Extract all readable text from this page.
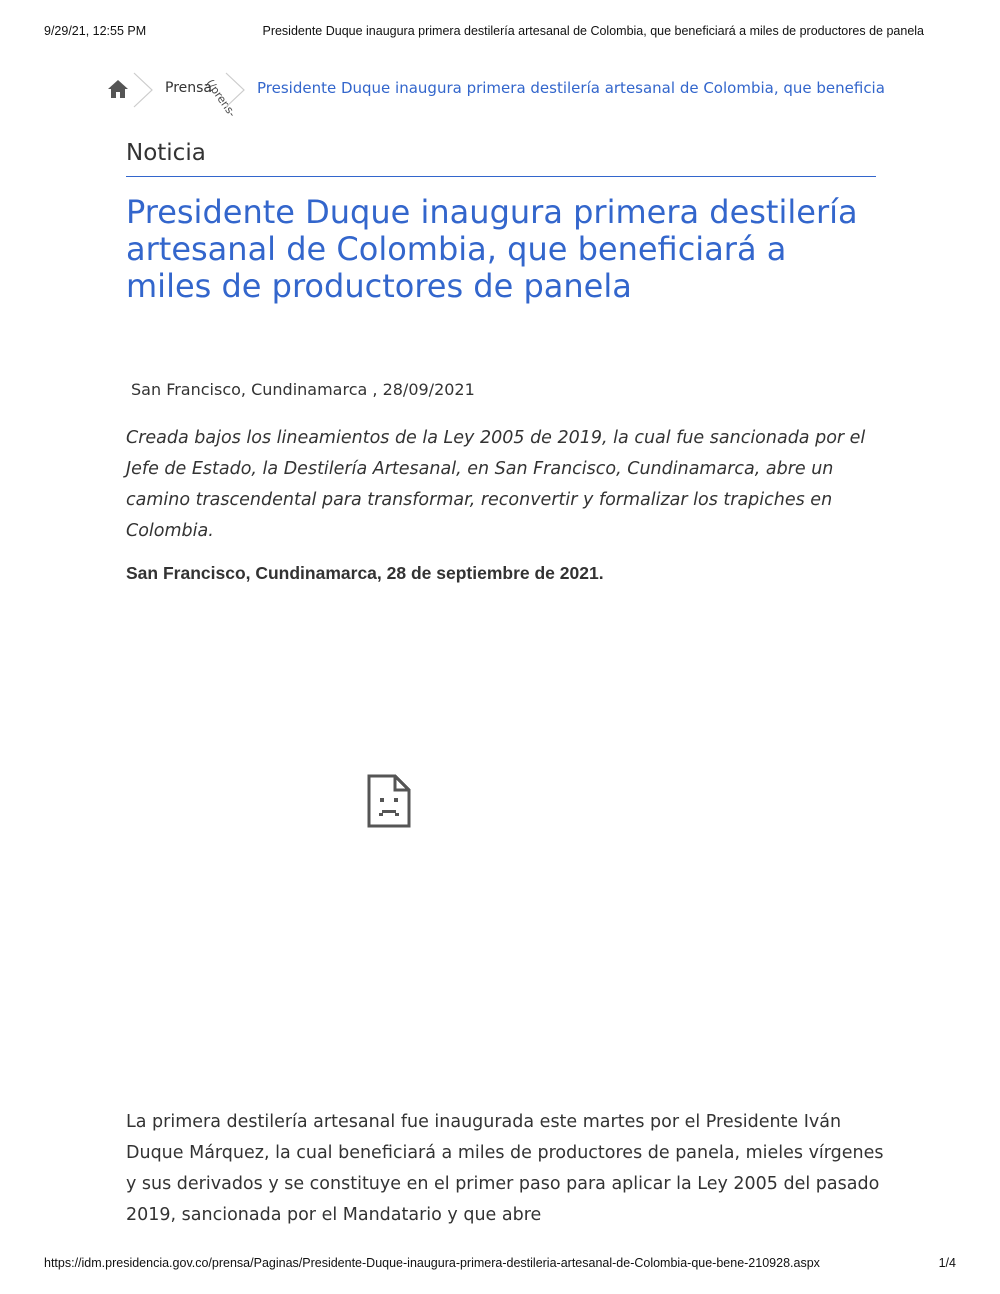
9/29/21, 12:55 PM	Presidente Duque inaugura primera destilería artesanal de Colombia, que beneficiará a miles de productores de panela
Prensa
(/prens- Presidente Duque inaugura primera destilería artesanal de Colombia, que beneficia
Noticia
Presidente Duque inaugura primera destilería artesanal de Colombia, que beneficiará a miles de productores de panela
San Francisco, Cundinamarca , 28/09/2021

Creada bajos los lineamientos de la Ley 2005 de 2019, la cual fue sancionada por el Jefe de Estado, la Destilería Artesanal, en San Francisco, Cundinamarca, abre un camino trascendental para transformar, reconvertir y formalizar los trapiches en Colombia.

San Francisco, Cundinamarca, 28 de septiembre de 2021.

La primera destilería artesanal fue inaugurada este martes por el Presidente Iván Duque Márquez, la cual beneficiará a miles de productores de panela, mieles vírgenes y sus derivados y se constituye en el primer paso para aplicar la Ley 2005 del pasado 2019, sancionada por el Mandatario y que abre

https://idm.presidencia.gov.co/prensa/Paginas/Presidente-Duque-inaugura-primera-destileria-artesanal-de-Colombia-que-bene-210928.aspx	1/4
